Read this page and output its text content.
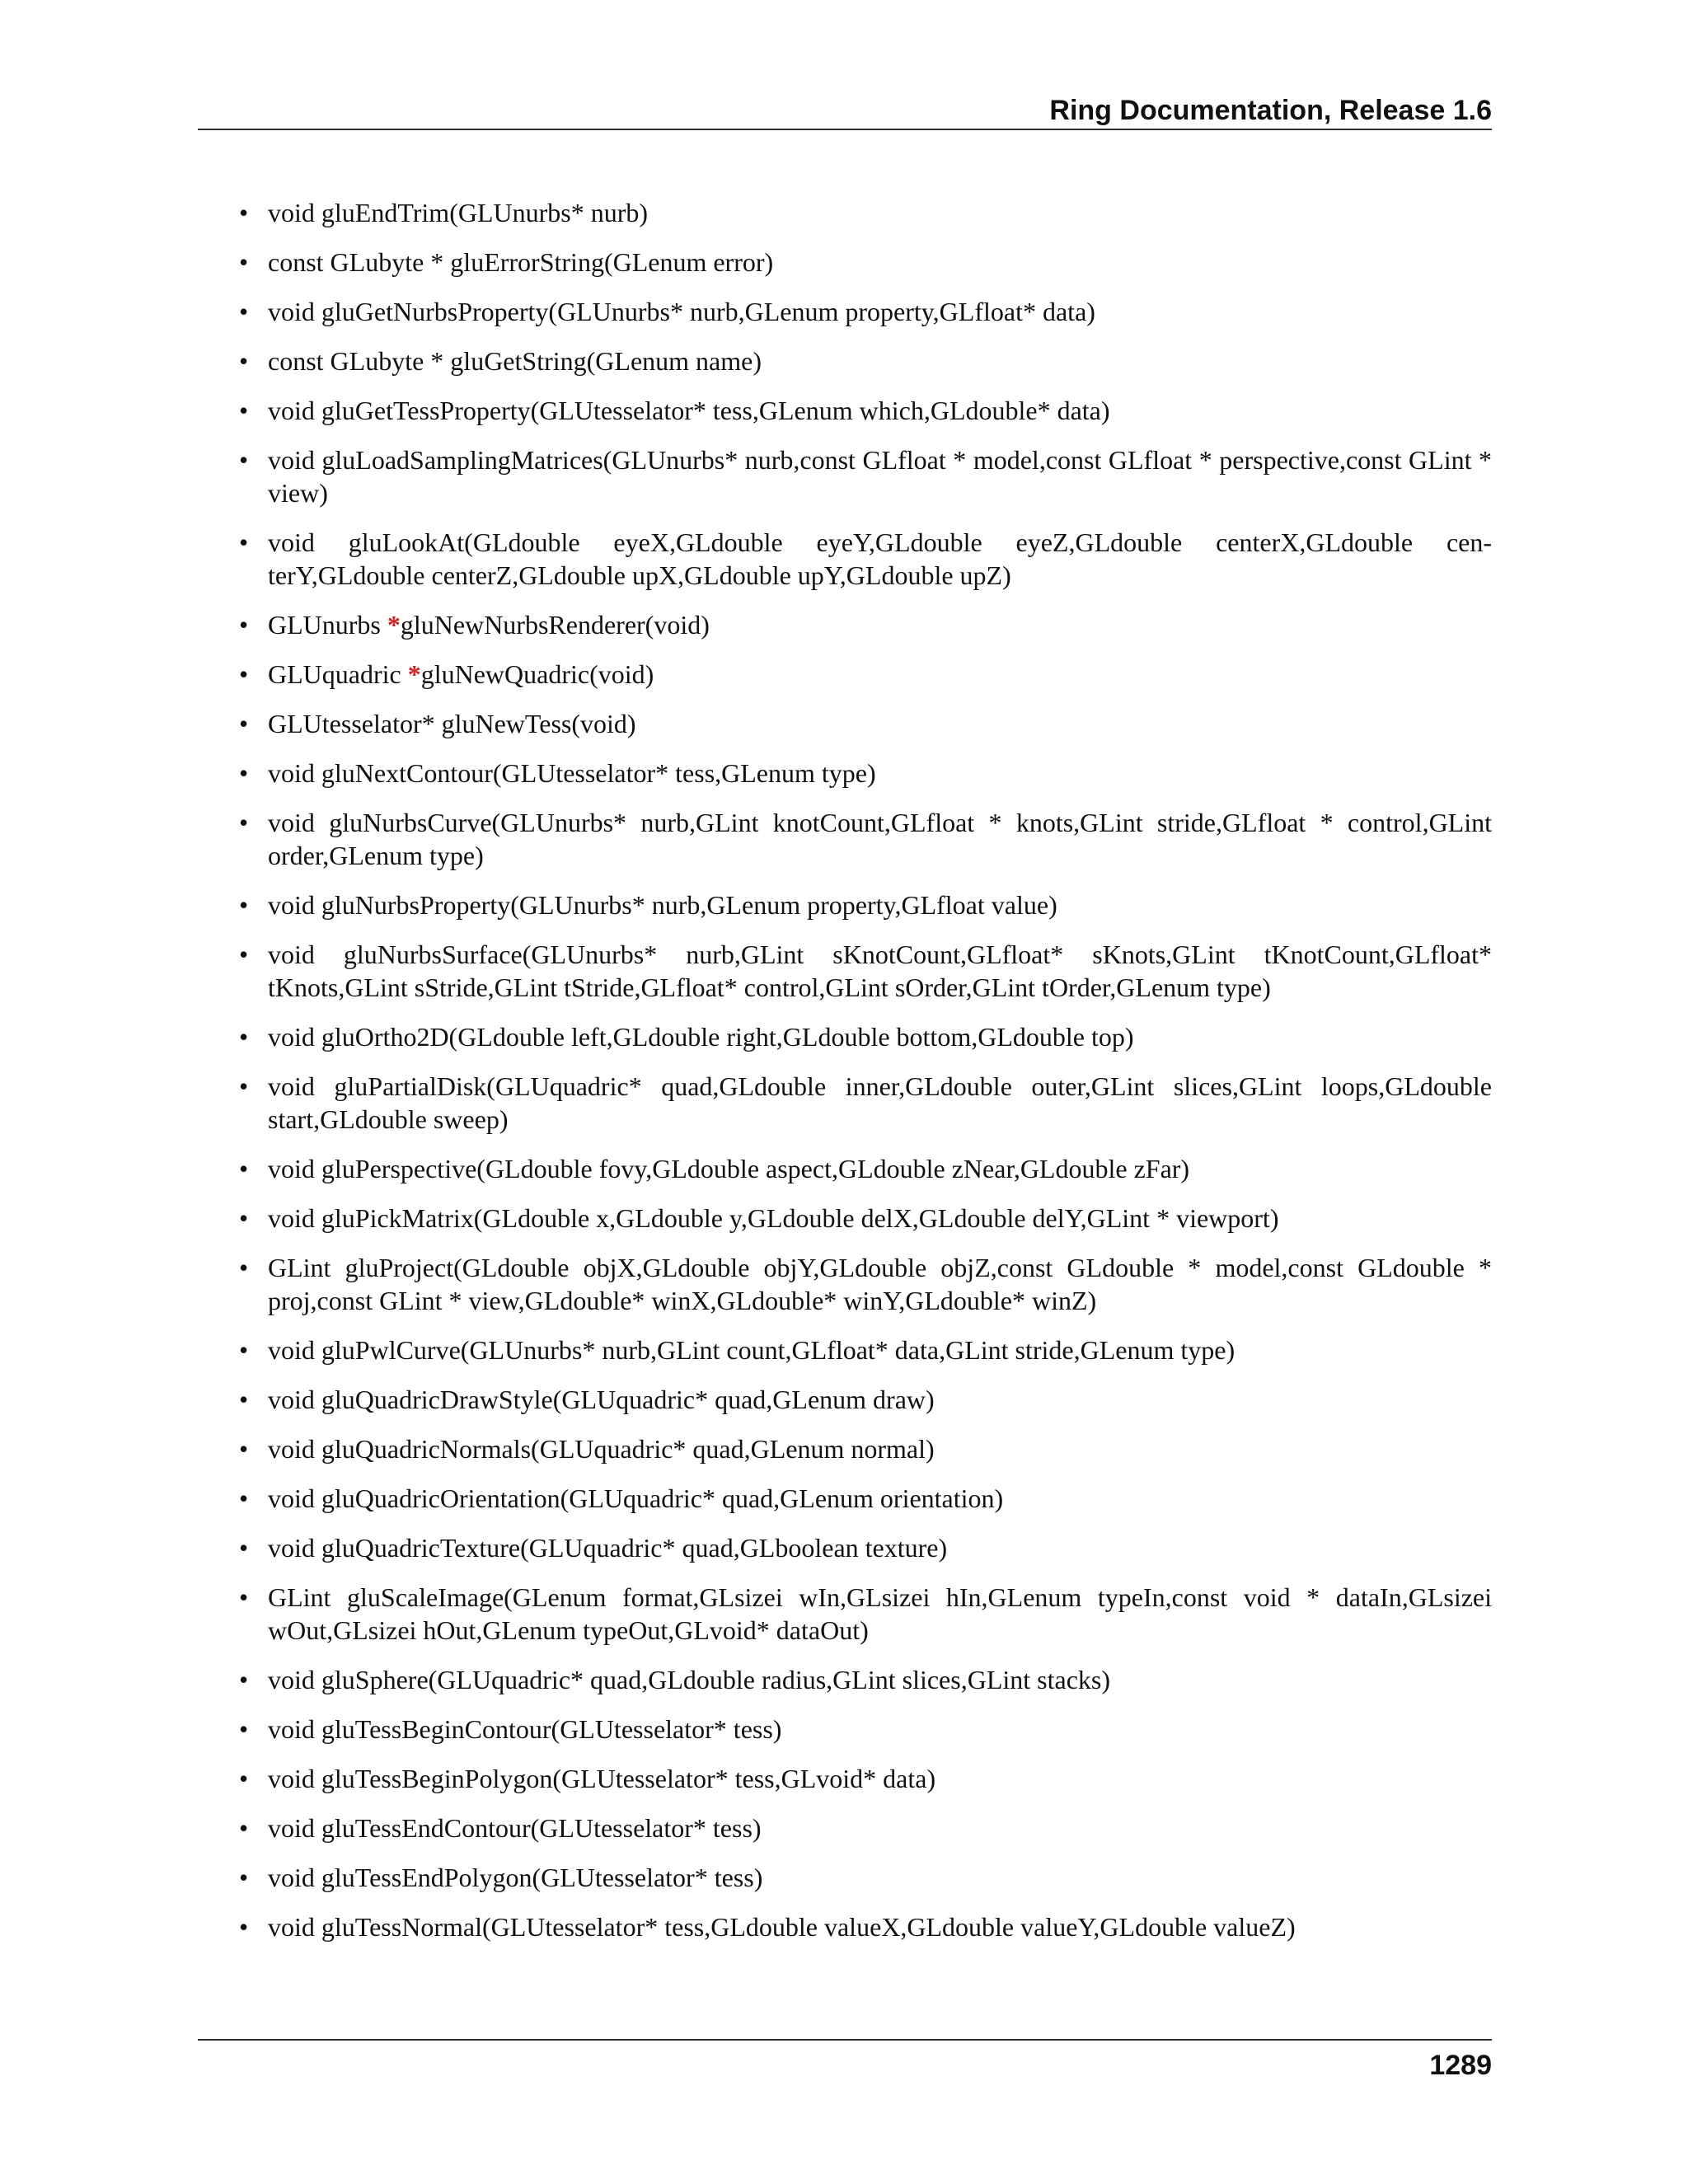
Ring Documentation, Release 1.6
• void gluEndTrim(GLUnurbs* nurb)
• const GLubyte * gluErrorString(GLenum error)
• void gluGetNurbsProperty(GLUnurbs* nurb,GLenum property,GLfloat* data)
• const GLubyte * gluGetString(GLenum name)
• void gluGetTessProperty(GLUtesselator* tess,GLenum which,GLdouble* data)
• void gluLoadSamplingMatrices(GLUnurbs* nurb,const GLfloat * model,const GLfloat * perspective,const GLint * view)
• void gluLookAt(GLdouble eyeX,GLdouble eyeY,GLdouble eyeZ,GLdouble centerX,GLdouble cen- terY,GLdouble centerZ,GLdouble upX,GLdouble upY,GLdouble upZ)
• GLUnurbs *gluNewNurbsRenderer(void)
• GLUquadric *gluNewQuadric(void)
• GLUtesselator* gluNewTess(void)
• void gluNextContour(GLUtesselator* tess,GLenum type)
• void gluNurbsCurve(GLUnurbs* nurb,GLint knotCount,GLfloat * knots,GLint stride,GLfloat * control,GLint order,GLenum type)
• void gluNurbsProperty(GLUnurbs* nurb,GLenum property,GLfloat value)
• void gluNurbsSurface(GLUnurbs* nurb,GLint sKnotCount,GLfloat* sKnots,GLint tKnotCount,GLfloat* tKnots,GLint sStride,GLint tStride,GLfloat* control,GLint sOrder,GLint tOrder,GLenum type)
• void gluOrtho2D(GLdouble left,GLdouble right,GLdouble bottom,GLdouble top)
• void gluPartialDisk(GLUquadric* quad,GLdouble inner,GLdouble outer,GLint slices,GLint loops,GLdouble start,GLdouble sweep)
• void gluPerspective(GLdouble fovy,GLdouble aspect,GLdouble zNear,GLdouble zFar)
• void gluPickMatrix(GLdouble x,GLdouble y,GLdouble delX,GLdouble delY,GLint * viewport)
• GLint gluProject(GLdouble objX,GLdouble objY,GLdouble objZ,const GLdouble * model,const GLdouble * proj,const GLint * view,GLdouble* winX,GLdouble* winY,GLdouble* winZ)
• void gluPwlCurve(GLUnurbs* nurb,GLint count,GLfloat* data,GLint stride,GLenum type)
• void gluQuadricDrawStyle(GLUquadric* quad,GLenum draw)
• void gluQuadricNormals(GLUquadric* quad,GLenum normal)
• void gluQuadricOrientation(GLUquadric* quad,GLenum orientation)
• void gluQuadricTexture(GLUquadric* quad,GLboolean texture)
• GLint gluScaleImage(GLenum format,GLsizei wIn,GLsizei hIn,GLenum typeIn,const void * dataIn,GLsizei wOut,GLsizei hOut,GLenum typeOut,GLvoid* dataOut)
• void gluSphere(GLUquadric* quad,GLdouble radius,GLint slices,GLint stacks)
• void gluTessBeginContour(GLUtesselator* tess)
• void gluTessBeginPolygon(GLUtesselator* tess,GLvoid* data)
• void gluTessEndContour(GLUtesselator* tess)
• void gluTessEndPolygon(GLUtesselator* tess)
• void gluTessNormal(GLUtesselator* tess,GLdouble valueX,GLdouble valueY,GLdouble valueZ)
1289
